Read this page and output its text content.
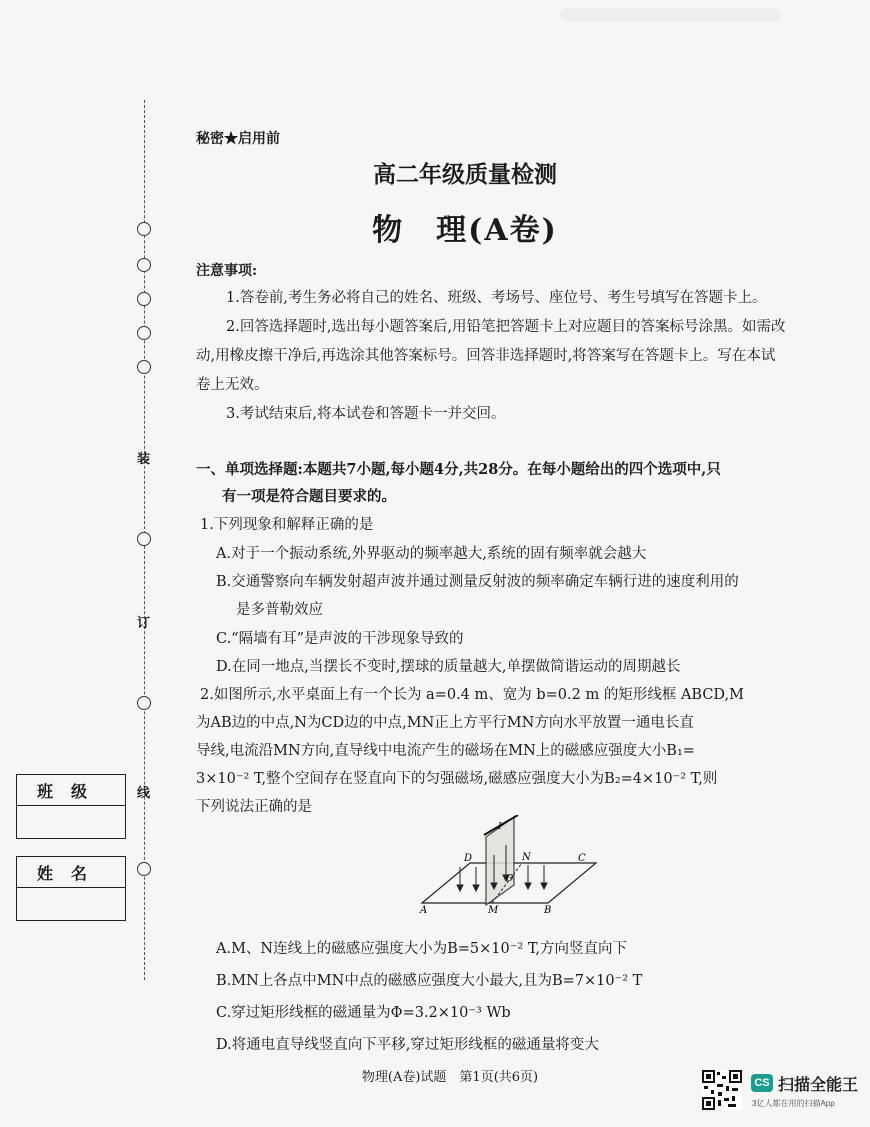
装
订
线
班级
姓名
秘密★启用前
高二年级质量检测
物　理(A卷)
注意事项:
1.答卷前,考生务必将自己的姓名、班级、考场号、座位号、考生号填写在答题卡上。
2.回答选择题时,选出每小题答案后,用铅笔把答题卡上对应题目的答案标号涂黑。如需改动,用橡皮擦干净后,再选涂其他答案标号。回答非选择题时,将答案写在答题卡上。写在本试卷上无效。
3.考试结束后,将本试卷和答题卡一并交回。
一、单项选择题:本题共7小题,每小题4分,共28分。在每小题给出的四个选项中,只
有一项是符合题目要求的。
1.下列现象和解释正确的是
A.对于一个振动系统,外界驱动的频率越大,系统的固有频率就会越大
B.交通警察向车辆发射超声波并通过测量反射波的频率确定车辆行进的速度利用的
是多普勒效应
C.“隔墙有耳”是声波的干涉现象导致的
D.在同一地点,当摆长不变时,摆球的质量越大,单摆做简谐运动的周期越长
2.如图所示,水平桌面上有一个长为 a=0.4 m、宽为 b=0.2 m 的矩形线框 ABCD,M
为AB边的中点,N为CD边的中点,MN正上方平行MN方向水平放置一通电长直
导线,电流沿MN方向,直导线中电流产生的磁场在MN上的磁感应强度大小B₁=
3×10⁻² T,整个空间存在竖直向下的匀强磁场,磁感应强度大小为B₂=4×10⁻² T,则
下列说法正确的是
D	N	C
A	M	B
I
O
A.M、N连线上的磁感应强度大小为B=5×10⁻² T,方向竖直向下
B.MN上各点中MN中点的磁感应强度大小最大,且为B=7×10⁻² T
C.穿过矩形线框的磁通量为Φ=3.2×10⁻³ Wb
D.将通电直导线竖直向下平移,穿过矩形线框的磁通量将变大
物理(A卷)试题　第1页(共6页)	CS 扫描全能王
3亿人都在用的扫描App
